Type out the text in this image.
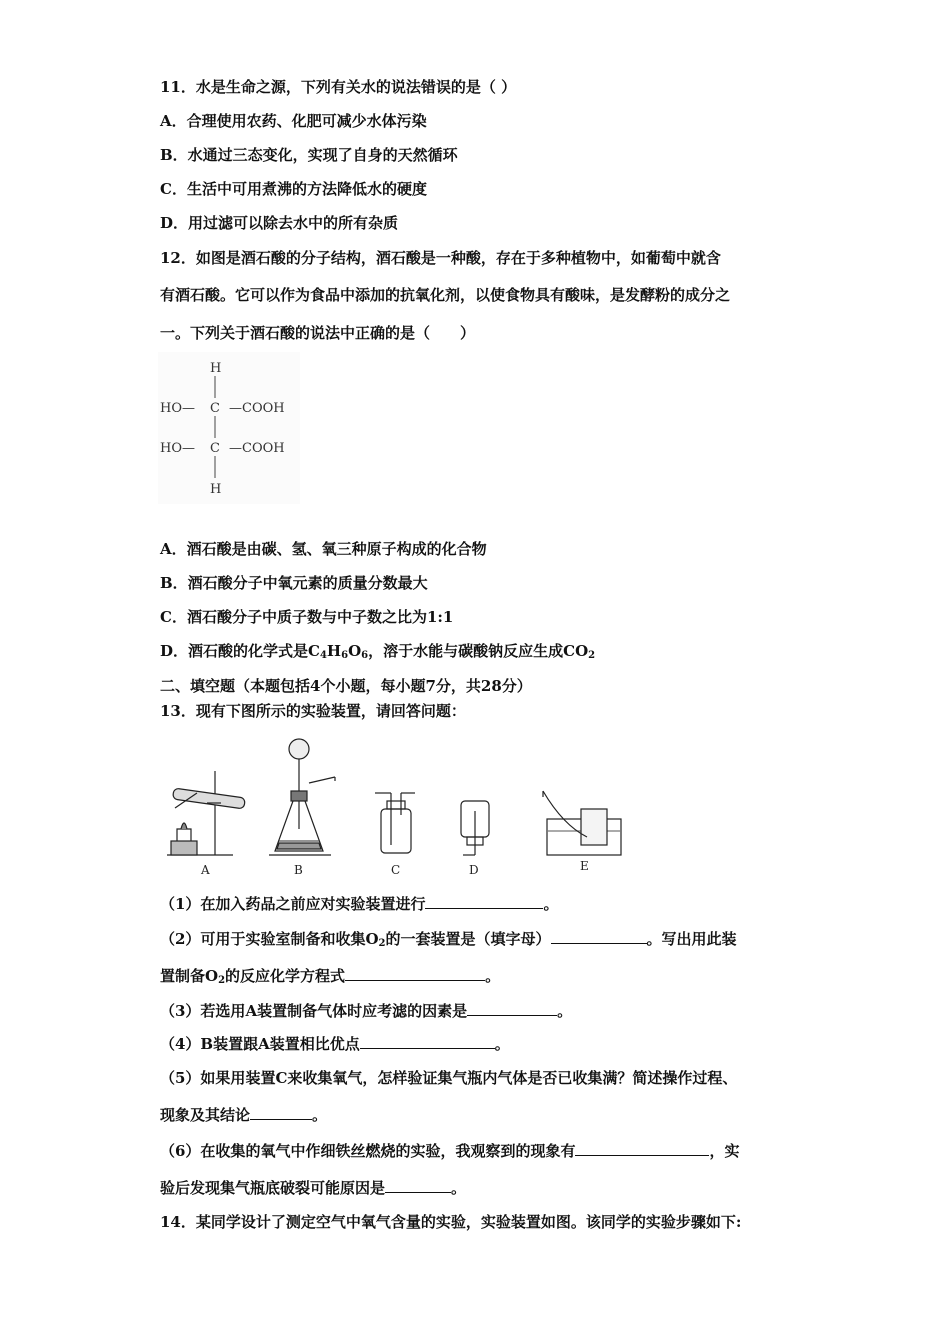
11．水是生命之源，下列有关水的说法错误的是（ ）
A．合理使用农药、化肥可减少水体污染
B．水通过三态变化，实现了自身的天然循环
C．生活中可用煮沸的方法降低水的硬度
D．用过滤可以除去水中的所有杂质
12．如图是酒石酸的分子结构，酒石酸是一种酸，存在于多种植物中，如葡萄中就含
有酒石酸。它可以作为食品中添加的抗氧化剂，以使食物具有酸味，是发酵粉的成分之
一。下列关于酒石酸的说法中正确的是（　　）
H
HO— C —COOH
HO— C —COOH
H
A．酒石酸是由碳、氢、氧三种原子构成的化合物
B．酒石酸分子中氧元素的质量分数最大
C．酒石酸分子中质子数与中子数之比为1:1
D．酒石酸的化学式是$C_4H_6O_6$，溶于水能与碳酸钠反应生成$CO_2$
二、填空题（本题包括4个小题，每小题7分，共28分）
13．现有下图所示的实验装置，请回答问题：
A	B	C	D	E
（1）在加入药品之前应对实验装置进行	。
（2）可用于实验室制备和收集$O_2$的一套装置是（填字母）	。写出用此装
置制备$O_2$的反应化学方程式	。
（3）若选用A装置制备气体时应考滤的因素是	。
（4）B装置跟A装置相比优点	。
（5）如果用装置C来收集氧气，怎样验证集气瓶内气体是否已收集满？简述操作过程、
现象及其结论	。
（6）在收集的氧气中作细铁丝燃烧的实验，我观察到的现象有	，实
验后发现集气瓶底破裂可能原因是	。
14．某同学设计了测定空气中氧气含量的实验，实验装置如图。该同学的实验步骤如下:
